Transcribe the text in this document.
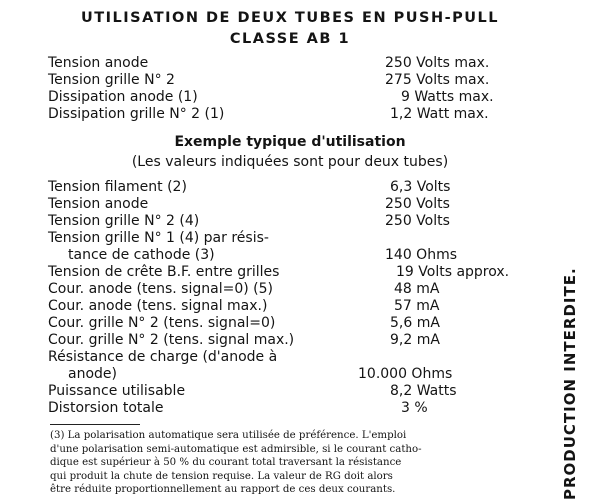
UTILISATION DE DEUX TUBES EN PUSH-PULL
CLASSE AB 1
Tension anode	250 Volts max.
Tension grille N° 2	275 Volts max.
Dissipation anode (1)	9 Watts max.
Dissipation grille N° 2 (1)	1,2 Watt max.
Exemple typique d'utilisation
(Les valeurs indiquées sont pour deux tubes)
Tension filament (2)	6,3 Volts
Tension anode	250 Volts
Tension grille N° 2 (4)	250 Volts
Tension grille N° 1 (4) par résis-
tance de cathode (3)	140 Ohms
Tension de crête B.F. entre grilles	19 Volts approx.
Cour. anode (tens. signal=0) (5)	48 mA
Cour. anode (tens. signal max.)	57 mA
Cour. grille N° 2 (tens. signal=0)	5,6 mA
Cour. grille N° 2 (tens. signal max.)	9,2 mA
Résistance de charge (d'anode à
anode)	10.000 Ohms
Puissance utilisable	8,2 Watts
Distorsion totale	3 %
(3) La polarisation automatique sera utilisée de préférence. L'emploi
d'une polarisation semi-automatique est admirsible, si le courant catho-
dique est supérieur à 50 % du courant total traversant la résistance
qui produit la chute de tension requise. La valeur de RG doit alors
être réduite proportionnellement au rapport de ces deux courants.	PRODUCTION INTERDITE.
